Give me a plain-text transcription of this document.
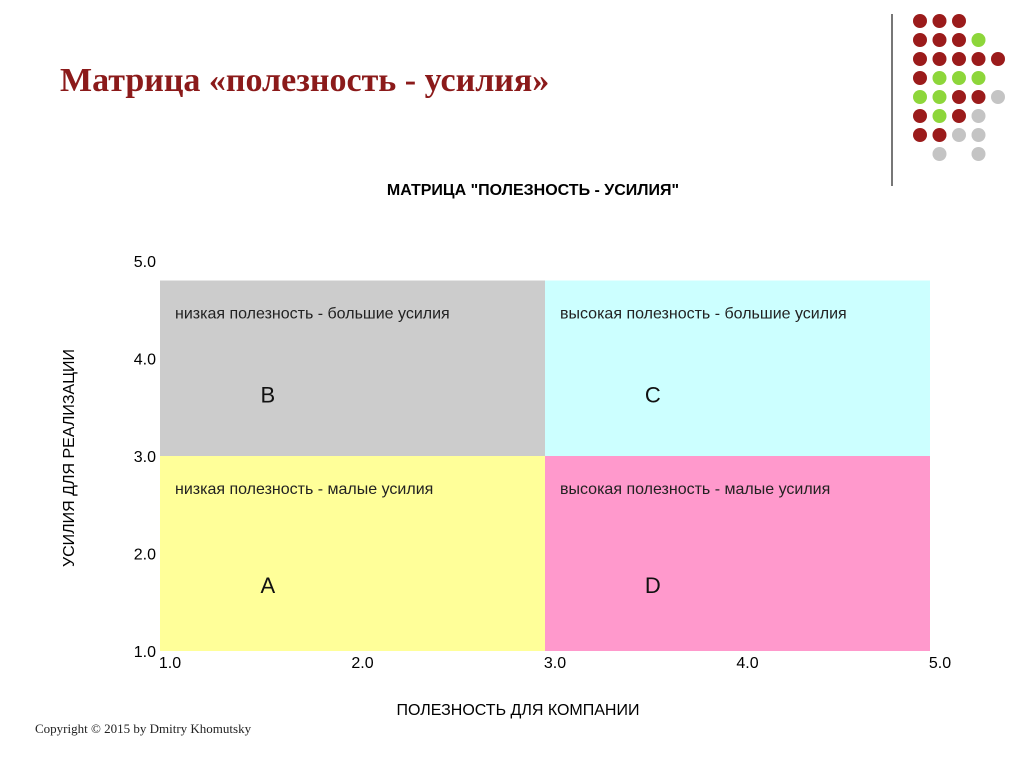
Матрица «полезность - усилия»
МАТРИЦА "ПОЛЕЗНОСТЬ - УСИЛИЯ"
низкая полезность - большие усилия
B
высокая полезность - большие усилия
C
низкая полезность - малые усилия
A
высокая полезность - малые усилия
D
1.0	2.0	3.0	4.0	5.0
1.0
2.0
3.0
4.0
5.0
ПОЛЕЗНОСТЬ ДЛЯ КОМПАНИИ
УСИЛИЯ ДЛЯ РЕАЛИЗАЦИИ
Copyright © 2015 by Dmitry Khomutsky
